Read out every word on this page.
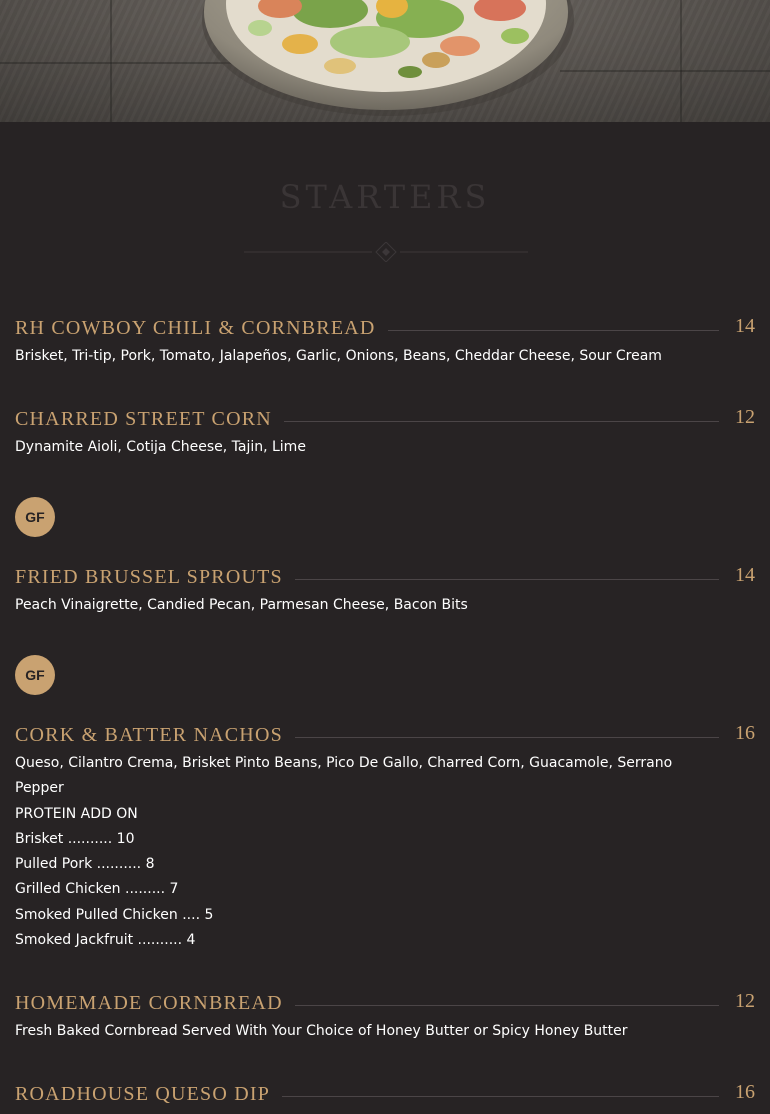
STARTERS
RH COWBOY CHILI & CORNBREAD	14
Brisket, Tri-tip, Pork, Tomato, Jalapeños, Garlic, Onions, Beans, Cheddar Cheese, Sour Cream
CHARRED STREET CORN	12
Dynamite Aioli, Cotija Cheese, Tajin, Lime
GF
FRIED BRUSSEL SPROUTS	14
Peach Vinaigrette, Candied Pecan, Parmesan Cheese, Bacon Bits
GF
CORK & BATTER NACHOS	16
Queso, Cilantro Crema, Brisket Pinto Beans, Pico De Gallo, Charred Corn, Guacamole, Serrano Pepper
PROTEIN ADD ON
Brisket .......... 10
Pulled Pork .......... 8
Grilled Chicken ......... 7
Smoked Pulled Chicken .... 5
Smoked Jackfruit .......... 4
HOMEMADE CORNBREAD	12
Fresh Baked Cornbread Served With Your Choice of Honey Butter or Spicy Honey Butter
ROADHOUSE QUESO DIP	16
